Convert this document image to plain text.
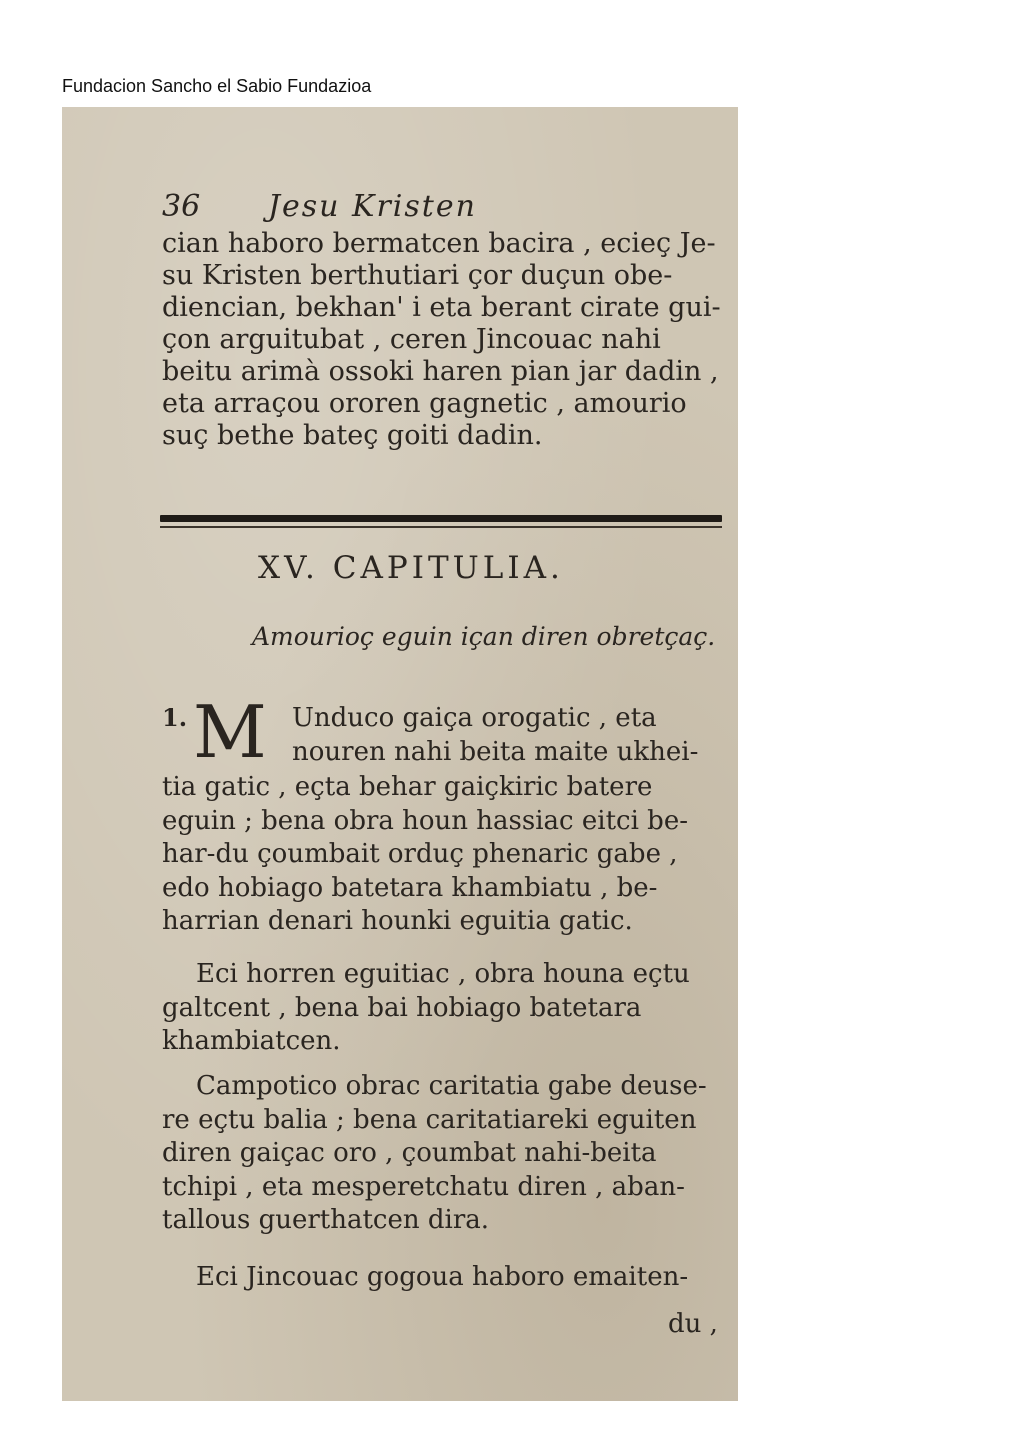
Fundacion Sancho el Sabio Fundazioa
36 Jesu Kristen
cian haboro bermatcen bacira , ecieç Je-
su Kristen berthutiari çor duçun obe-
diencian, bekhan' i eta berant cirate gui-
çon arguitubat , ceren Jincouac nahi
beitu arimà ossoki haren pian jar dadin ,
eta arraçou ororen gagnetic , amourio
suç bethe bateç goiti dadin.
XV. CAPITULIA.
Amourioç eguin içan diren obretçaç.
1. M Unduco gaiça orogatic , eta
nouren nahi beita maite ukhei-
tia gatic , eçta behar gaiçkiric batere
eguin ; bena obra houn hassiac eitci be-
har-du çoumbait orduç phenaric gabe ,
edo hobiago batetara khambiatu , be-
harrian denari hounki eguitia gatic.
Eci horren eguitiac , obra houna eçtu
galtcent , bena bai hobiago batetara
khambiatcen.
Campotico obrac caritatia gabe deuse-
re eçtu balia ; bena caritatiareki eguiten
diren gaiçac oro , çoumbat nahi-beita
tchipi , eta mesperetchatu diren , aban-
tallous guerthatcen dira.
Eci Jincouac gogoua haboro emaiten-
du ,
